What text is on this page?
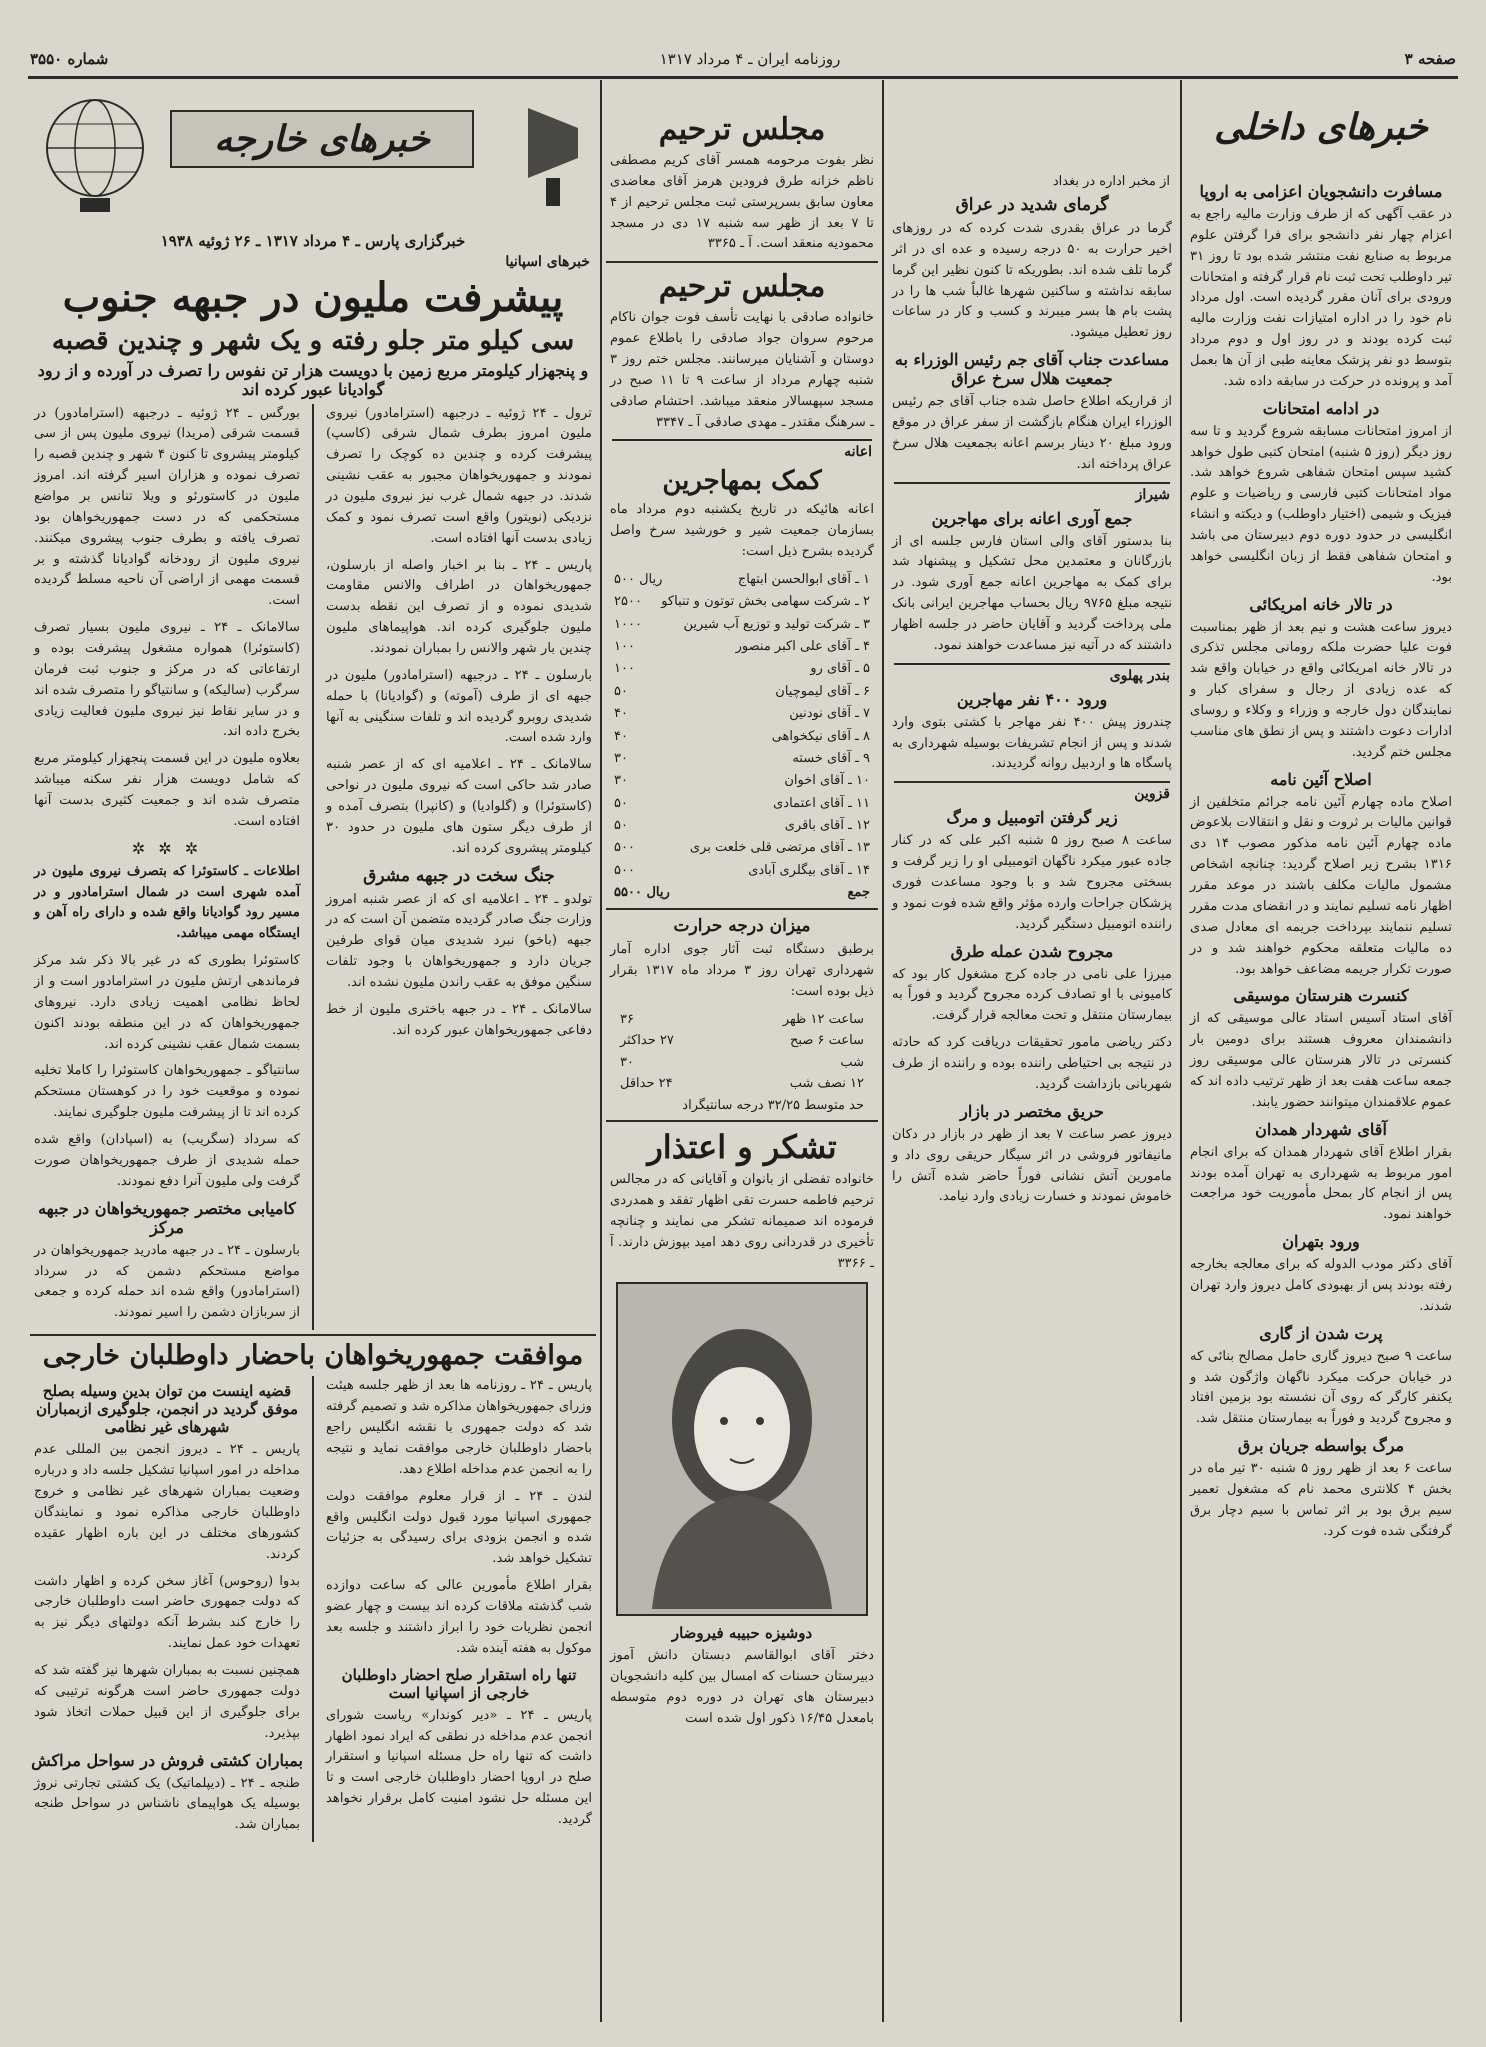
صفحه ۳
روزنامه ایران ـ ۴ مرداد ۱۳۱۷
شماره ۳۵۵۰
خبرهای داخلی
مسافرت دانشجویان اعزامی به اروپا

در عقب آگهی که از طرف وزارت مالیه راجع به اعزام چهار نفر دانشجو برای فرا گرفتن علوم مربوط به صنایع نفت منتشر شده بود تا روز ۳۱ تیر داوطلب تحت ثبت نام قرار گرفته و امتحانات ورودی برای آنان مقرر گردیده است. اول مرداد نام خود را در اداره امتیازات نفت وزارت مالیه ثبت کرده بودند و در روز اول و دوم مرداد بتوسط دو نفر پزشک معاینه طبی از آن ها بعمل آمد و پرونده در حرکت در سابقه داده شد.

در ادامه امتحانات

از امروز امتحانات مسابقه شروع گردید و تا سه روز دیگر (روز ۵ شنبه) امتحان کتبی طول خواهد کشید سپس امتحان شفاهی شروع خواهد شد. مواد امتحانات کتبی فارسی و ریاضیات و علوم فیزیک و شیمی (اختیار داوطلب) و دیکته و انشاء انگلیسی در حدود دوره دوم دبیرستان می باشد و امتحان شفاهی فقط از زبان انگلیسی خواهد بود.

در تالار خانه امریکائی

دیروز ساعت هشت و نیم بعد از ظهر بمناسبت فوت علیا حضرت ملکه رومانی مجلس تذکری در تالار خانه امریکائی واقع در خیابان واقع شد که عده زیادی از رجال و سفرای کبار و نمایندگان دول خارجه و وزراء و وکلاء و روسای ادارات دعوت داشتند و پس از نطق های مناسب مجلس ختم گردید.

اصلاح آئین نامه

اصلاح ماده چهارم آئین نامه جرائم متخلفین از قوانین مالیات بر ثروت و نقل و انتقالات بلاعوض ماده چهارم آئین نامه مذکور مصوب ۱۴ دی ۱۳۱۶ بشرح زیر اصلاح گردید: چنانچه اشخاص مشمول مالیات مکلف باشند در موعد مقرر اظهار نامه تسلیم نمایند و در انقضای مدت مقرر تسلیم ننمایند بپرداخت جریمه ای معادل صدی ده مالیات متعلقه محکوم خواهند شد و در صورت تکرار جریمه مضاعف خواهد بود.

کنسرت هنرستان موسیقی

آقای استاد آسیس استاد عالی موسیقی که از دانشمندان معروف هستند برای دومین بار کنسرتی در تالار هنرستان عالی موسیقی روز جمعه ساعت هفت بعد از ظهر ترتیب داده اند که عموم علاقمندان میتوانند حضور یابند.

آقای شهردار همدان

بقرار اطلاع آقای شهردار همدان که برای انجام امور مربوط به شهرداری به تهران آمده بودند پس از انجام کار بمحل مأموریت خود مراجعت خواهند نمود.

ورود بتهران

آقای دکتر مودب الدوله که برای معالجه بخارجه رفته بودند پس از بهبودی کامل دیروز وارد تهران شدند.

پرت شدن از گاری

ساعت ۹ صبح دیروز گاری حامل مصالح بنائی که در خیابان حرکت میکرد ناگهان واژگون شد و یکنفر کارگر که روی آن نشسته بود بزمین افتاد و مجروح گردید و فوراً به بیمارستان منتقل شد.

مرگ بواسطه جریان برق

ساعت ۶ بعد از ظهر روز ۵ شنبه ۳۰ تیر ماه در بخش ۴ کلانتری محمد نام که مشغول تعمیر سیم برق بود بر اثر تماس با سیم دچار برق گرفتگی شده فوت کرد.

از مخبر اداره در بغداد
گرمای شدید در عراق

گرما در عراق بقدری شدت کرده که در روزهای اخیر حرارت به ۵۰ درجه رسیده و عده ای در اثر گرما تلف شده اند. بطوریکه تا کنون نظیر این گرما سابقه نداشته و ساکنین شهرها غالباً شب ها را در پشت بام ها بسر میبرند و کسب و کار در ساعات روز تعطیل میشود.

مساعدت جناب آقای جم رئیس الوزراء به جمعیت هلال سرخ عراق

از قراریکه اطلاع حاصل شده جناب آقای جم رئیس الوزراء ایران هنگام بازگشت از سفر عراق در موقع ورود مبلغ ۲۰ دینار برسم اعانه بجمعیت هلال سرخ عراق پرداخته اند.

شیراز
جمع آوری اعانه برای مهاجرین

بنا بدستور آقای والی استان فارس جلسه ای از بازرگانان و معتمدین محل تشکیل و پیشنهاد شد برای کمک به مهاجرین اعانه جمع آوری شود. در نتیجه مبلغ ۹۷۶۵ ریال بحساب مهاجرین ایرانی بانک ملی پرداخت گردید و آقایان حاضر در جلسه اظهار داشتند که در آتیه نیز مساعدت خواهند نمود.

بندر پهلوی
ورود ۴۰۰ نفر مهاجرین

چندروز پیش ۴۰۰ نفر مهاجر با کشتی بتوی وارد شدند و پس از انجام تشریفات بوسیله شهرداری به پاسگاه ها و اردبیل روانه گردیدند.

قزوین
زیر گرفتن اتومبیل و مرگ

ساعت ۸ صبح روز ۵ شنبه اکبر علی که در کنار جاده عبور میکرد ناگهان اتومبیلی او را زیر گرفت و بسختی مجروح شد و با وجود مساعدت فوری پزشکان جراحات وارده مؤثر واقع شده فوت نمود و راننده اتومبیل دستگیر گردید.

مجروح شدن عمله طرق

میرزا علی نامی در جاده کرج مشغول کار بود که کامیونی با او تصادف کرده مجروح گردید و فوراً به بیمارستان منتقل و تحت معالجه قرار گرفت.

دکتر ریاضی مامور تحقیقات دریافت کرد که حادثه در نتیجه بی احتیاطی راننده بوده و راننده از طرف شهربانی بازداشت گردید.

حریق مختصر در بازار

دیروز عصر ساعت ۷ بعد از ظهر در بازار در دکان مانیفاتور فروشی در اثر سیگار حریقی روی داد و مامورین آتش نشانی فوراً حاضر شده آتش را خاموش نمودند و خسارت زیادی وارد نیامد.

مجلس ترحیم

نظر بفوت مرحومه همسر آقای کریم مصطفی ناظم خزانه طرق فرودین هرمز آقای معاضدی معاون سابق بسرپرستی ثبت مجلس ترحیم از ۴ تا ۷ بعد از ظهر سه شنبه ۱۷ دی در مسجد محمودیه منعقد است. آ ـ ۳۳۶۵

مجلس ترحیم

خانواده صادقی با نهایت تأسف فوت جوان ناکام مرحوم سروان جواد صادقی را باطلاع عموم دوستان و آشنایان میرسانند. مجلس ختم روز ۳ شنبه چهارم مرداد از ساعت ۹ تا ۱۱ صبح در مسجد سپهسالار منعقد میباشد. احتشام صادقی ـ سرهنگ مقتدر ـ مهدی صادقی آ ـ ۳۳۴۷

اعانه
کمک بمهاجرین

اعانه هائیکه در تاریخ یکشنبه دوم مرداد ماه بسازمان جمعیت شیر و خورشید سرخ واصل گردیده بشرح ذیل است:

۱ ـ آقای ابوالحسن ابتهاج
۵۰۰ ریال
۲ ـ شرکت سهامی بخش توتون و تنباکو
۲۵۰۰
۳ ـ شرکت تولید و توزیع آب شیرین
۱۰۰۰
۴ ـ آقای علی اکبر منصور
۱۰۰
۵ ـ آقای رو
۱۰۰
۶ ـ آقای لیموچیان
۵۰
۷ ـ آقای نودنین
۴۰
۸ ـ آقای نیکخواهی
۴۰
۹ ـ آقای خسته
۳۰
۱۰ ـ آقای اخوان
۳۰
۱۱ ـ آقای اعتمادی
۵۰
۱۲ ـ آقای باقری
۵۰
۱۳ ـ آقای مرتضی قلی خلعت بری
۵۰۰
۱۴ ـ آقای بیگلری آبادی
۵۰۰
جمع
۵۵۰۰ ریال
میزان درجه حرارت

برطبق دستگاه ثبت آثار جوی اداره آمار شهرداری تهران روز ۳ مرداد ماه ۱۳۱۷ بقرار ذیل بوده است:

ساعت ۱۲ ظهر
۳۶
ساعت ۶ صبح
۲۷ حداکثر
شب
۳۰
۱۲ نصف شب
۲۴ حداقل
حد متوسط ۳۲/۲۵ درجه سانتیگراد
تشکر و اعتذار

خانواده تفضلی از بانوان و آقایانی که در مجالس ترحیم فاطمه حسرت تقی اظهار تفقد و همدردی فرموده اند صمیمانه تشکر می نمایند و چنانچه تأخیری در قدردانی روی دهد امید بپوزش دارند. آ ـ ۳۳۶۶

دوشیزه حبیبه فیروضار

دختر آقای ابوالقاسم دبستان دانش آموز دبیرستان حسنات که امسال بین کلیه دانشجویان دبیرستان های تهران در دوره دوم متوسطه بامعدل ۱۶/۴۵ ذکور اول شده است

خبرهای خارجه
خبرگزاری پارس ـ ۴ مرداد ۱۳۱۷ ـ ۲۶ ژوئیه ۱۹۳۸
خبرهای اسپانیا
پیشرفت ملیون در جبهه جنوب
سی کیلو متر جلو رفته و یک شهر و چندین قصبه
و پنجهزار کیلومتر مربع زمین با دویست هزار تن نفوس را تصرف در آورده و از رود گوادیانا عبور کرده اند

ترول ـ ۲۴ ژوئیه ـ درجبهه (استرامادور) نیروی ملیون امروز بطرف شمال شرقی (کاسپ) پیشرفت کرده و چندین ده کوچک را تصرف نمودند و جمهوریخواهان مجبور به عقب نشینی شدند. در جبهه شمال غرب نیز نیروی ملیون در نزدیکی (نویتور) واقع است تصرف نمود و کمک زیادی بدست آنها افتاده است.

پاریس ـ ۲۴ ـ بنا بر اخبار واصله از بارسلون، جمهوریخواهان در اطراف والانس مقاومت شدیدی نموده و از تصرف این نقطه بدست ملیون جلوگیری کرده اند. هواپیماهای ملیون چندین بار شهر والانس را بمباران نمودند.

بارسلون ـ ۲۴ ـ درجبهه (استرامادور) ملیون در جبهه ای از طرف (آموته) و (گوادیانا) با حمله شدیدی روبرو گردیده اند و تلفات سنگینی به آنها وارد شده است.

سالامانک ـ ۲۴ ـ اعلامیه ای که از عصر شنبه صادر شد حاکی است که نیروی ملیون در نواحی (کاستوئرا) و (گلوادیا) و (کانپرا) بتصرف آمده و از طرف دیگر ستون های ملیون در حدود ۳۰ کیلومتر پیشروی کرده اند.

جنگ سخت در جبهه مشرق

تولدو ـ ۲۴ ـ اعلامیه ای که از عصر شنبه امروز وزارت جنگ صادر گردیده متضمن آن است که در جبهه (باخو) نبرد شدیدی میان قوای طرفین جریان دارد و جمهوریخواهان با وجود تلفات سنگین موفق به عقب راندن ملیون نشده اند.

سالامانک ـ ۲۴ ـ در جبهه باختری ملیون از خط دفاعی جمهوریخواهان عبور کرده اند.

بورگس ـ ۲۴ ژوئیه ـ درجبهه (استرامادور) در قسمت شرقی (مریدا) نیروی ملیون پس از سی کیلومتر پیشروی تا کنون ۴ شهر و چندین قصبه را تصرف نموده و هزاران اسیر گرفته اند. امروز ملیون در کاستورئو و ویلا تنانس بر مواضع مستحکمی که در دست جمهوریخواهان بود تصرف یافته و بطرف جنوب پیشروی میکنند. نیروی ملیون از رودخانه گوادیانا گذشته و بر قسمت مهمی از اراضی آن ناحیه مسلط گردیده است.

سالامانک ـ ۲۴ ـ نیروی ملیون بسیار تصرف (کاستوئرا) همواره مشغول پیشرفت بوده و ارتفاعاتی که در مرکز و جنوب ثبت فرمان سرگرب (سالیکه) و سانتیاگو را متصرف شده اند و در سایر نقاط نیز نیروی ملیون فعالیت زیادی بخرج داده اند.

بعلاوه ملیون در این قسمت پنجهزار کیلومتر مربع که شامل دویست هزار نفر سکنه میباشد متصرف شده اند و جمعیت کثیری بدست آنها افتاده است.

✲ ✲ ✲

اطلاعات ـ کاستوئرا که بتصرف نیروی ملیون در آمده شهری است در شمال استرامادور و در مسیر رود گوادیانا واقع شده و دارای راه آهن و ایستگاه مهمی میباشد.

کاستوئرا بطوری که در غیر بالا ذکر شد مرکز فرماندهی ارتش ملیون در استرامادور است و از لحاظ نظامی اهمیت زیادی دارد. نیروهای جمهوریخواهان که در این منطقه بودند اکنون بسمت شمال عقب نشینی کرده اند.

سانتیاگو ـ جمهوریخواهان کاستوئرا را کاملا تخلیه نموده و موقعیت خود را در کوهستان مستحکم کرده اند تا از پیشرفت ملیون جلوگیری نمایند.

که سرداد (سگریب) به (اسپادان) واقع شده حمله شدیدی از طرف جمهوریخواهان صورت گرفت ولی ملیون آنرا دفع نمودند.

کامیابی مختصر جمهوریخواهان در جبهه مرکز

بارسلون ـ ۲۴ ـ در جبهه مادرید جمهوریخواهان در مواضع مستحکم دشمن که در سرداد (استرامادور) واقع شده اند حمله کرده و جمعی از سربازان دشمن را اسیر نمودند.

موافقت جمهوریخواهان باحضار داوطلبان خارجی

پاریس ـ ۲۴ ـ روزنامه ها بعد از ظهر جلسه هیئت وزرای جمهوریخواهان مذاکره شد و تصمیم گرفته شد که دولت جمهوری با نقشه انگلیس راجع باحضار داوطلبان خارجی موافقت نماید و نتیجه را به انجمن عدم مداخله اطلاع دهد.

لندن ـ ۲۴ ـ از قرار معلوم موافقت دولت جمهوری اسپانیا مورد قبول دولت انگلیس واقع شده و انجمن بزودی برای رسیدگی به جزئیات تشکیل خواهد شد.

بقرار اطلاع مأمورین عالی که ساعت دوازده شب گذشته ملاقات کرده اند بیست و چهار عضو انجمن نظریات خود را ابراز داشتند و جلسه بعد موکول به هفته آینده شد.

تنها راه استقرار صلح احضار داوطلبان خارجی از اسپانیا است

پاریس ـ ۲۴ ـ «دیر کوندار» ریاست شورای انجمن عدم مداخله در نطقی که ایراد نمود اظهار داشت که تنها راه حل مسئله اسپانیا و استقرار صلح در اروپا احضار داوطلبان خارجی است و تا این مسئله حل نشود امنیت کامل برقرار نخواهد گردید.

قضیه اینست من توان بدین وسیله بصلح موفق گردید در انجمن، جلوگیری ازبمباران شهرهای غیر نظامی

پاریس ـ ۲۴ ـ دیروز انجمن بین المللی عدم مداخله در امور اسپانیا تشکیل جلسه داد و درباره وضعیت بمباران شهرهای غیر نظامی و خروج داوطلبان خارجی مذاکره نمود و نمایندگان کشورهای مختلف در این باره اظهار عقیده کردند.

بدوا (روحوس) آغاز سخن کرده و اظهار داشت که دولت جمهوری حاضر است داوطلبان خارجی را خارج کند بشرط آنکه دولتهای دیگر نیز به تعهدات خود عمل نمایند.

همچنین نسبت به بمباران شهرها نیز گفته شد که دولت جمهوری حاضر است هرگونه ترتیبی که برای جلوگیری از این قبیل حملات اتخاذ شود بپذیرد.

بمباران کشتی فروش در سواحل مراکش

طنجه ـ ۲۴ ـ (دیپلماتیک) یک کشتی تجارتی نروژ بوسیله یک هواپیمای ناشناس در سواحل طنجه بمباران شد.
